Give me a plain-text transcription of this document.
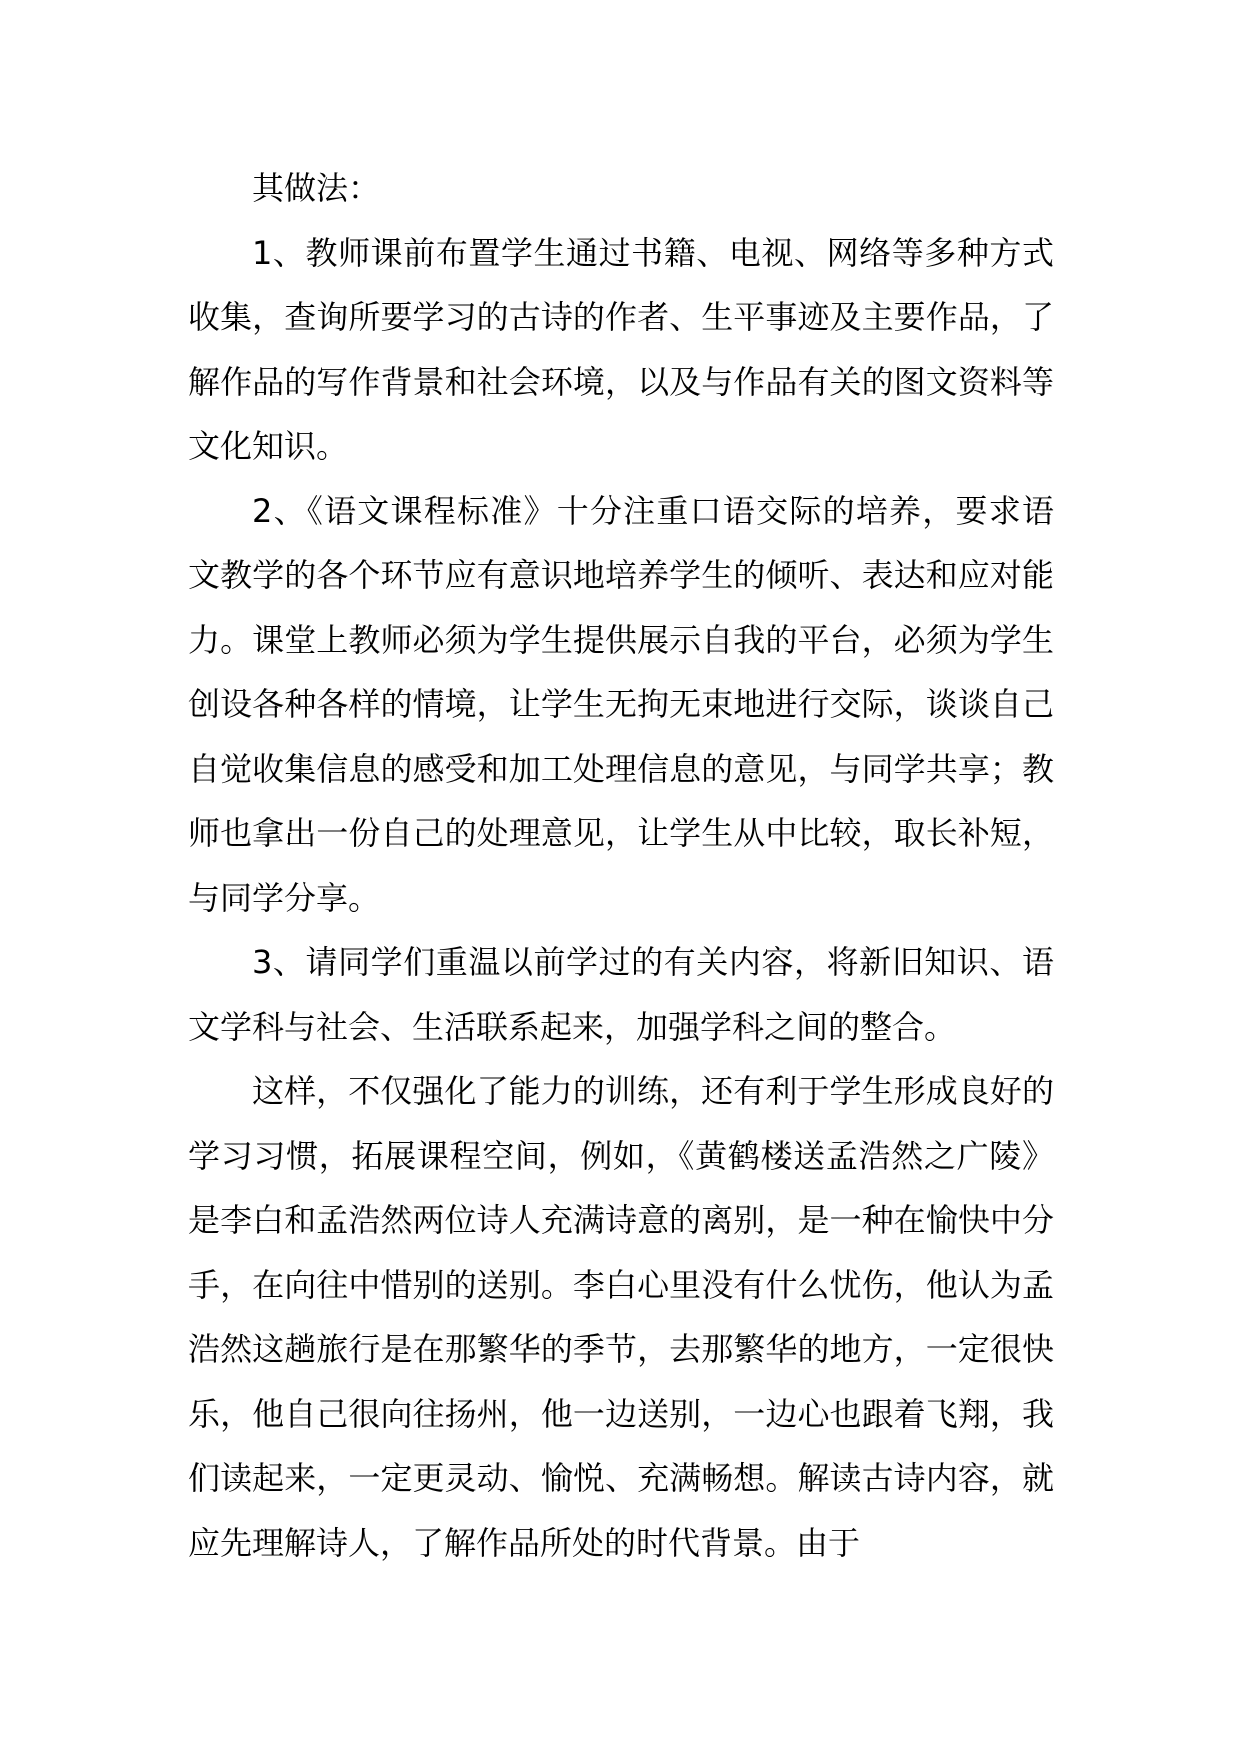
其做法：

1、教师课前布置学生通过书籍、电视、网络等多种方式收集，查询所要学习的古诗的作者、生平事迹及主要作品，了解作品的写作背景和社会环境，以及与作品有关的图文资料等文化知识。

2、《语文课程标准》十分注重口语交际的培养，要求语文教学的各个环节应有意识地培养学生的倾听、表达和应对能力。课堂上教师必须为学生提供展示自我的平台，必须为学生创设各种各样的情境，让学生无拘无束地进行交际，谈谈自己自觉收集信息的感受和加工处理信息的意见，与同学共享；教师也拿出一份自己的处理意见，让学生从中比较，取长补短，与同学分享。

3、请同学们重温以前学过的有关内容，将新旧知识、语文学科与社会、生活联系起来，加强学科之间的整合。

这样，不仅强化了能力的训练，还有利于学生形成良好的学习习惯，拓展课程空间，例如，《黄鹤楼送孟浩然之广陵》是李白和孟浩然两位诗人充满诗意的离别，是一种在愉快中分手，在向往中惜别的送别。李白心里没有什么忧伤，他认为孟浩然这趟旅行是在那繁华的季节，去那繁华的地方，一定很快乐，他自己很向往扬州，他一边送别，一边心也跟着飞翔，我们读起来，一定更灵动、愉悦、充满畅想。解读古诗内容，就应先理解诗人，了解作品所处的时代背景。由于
